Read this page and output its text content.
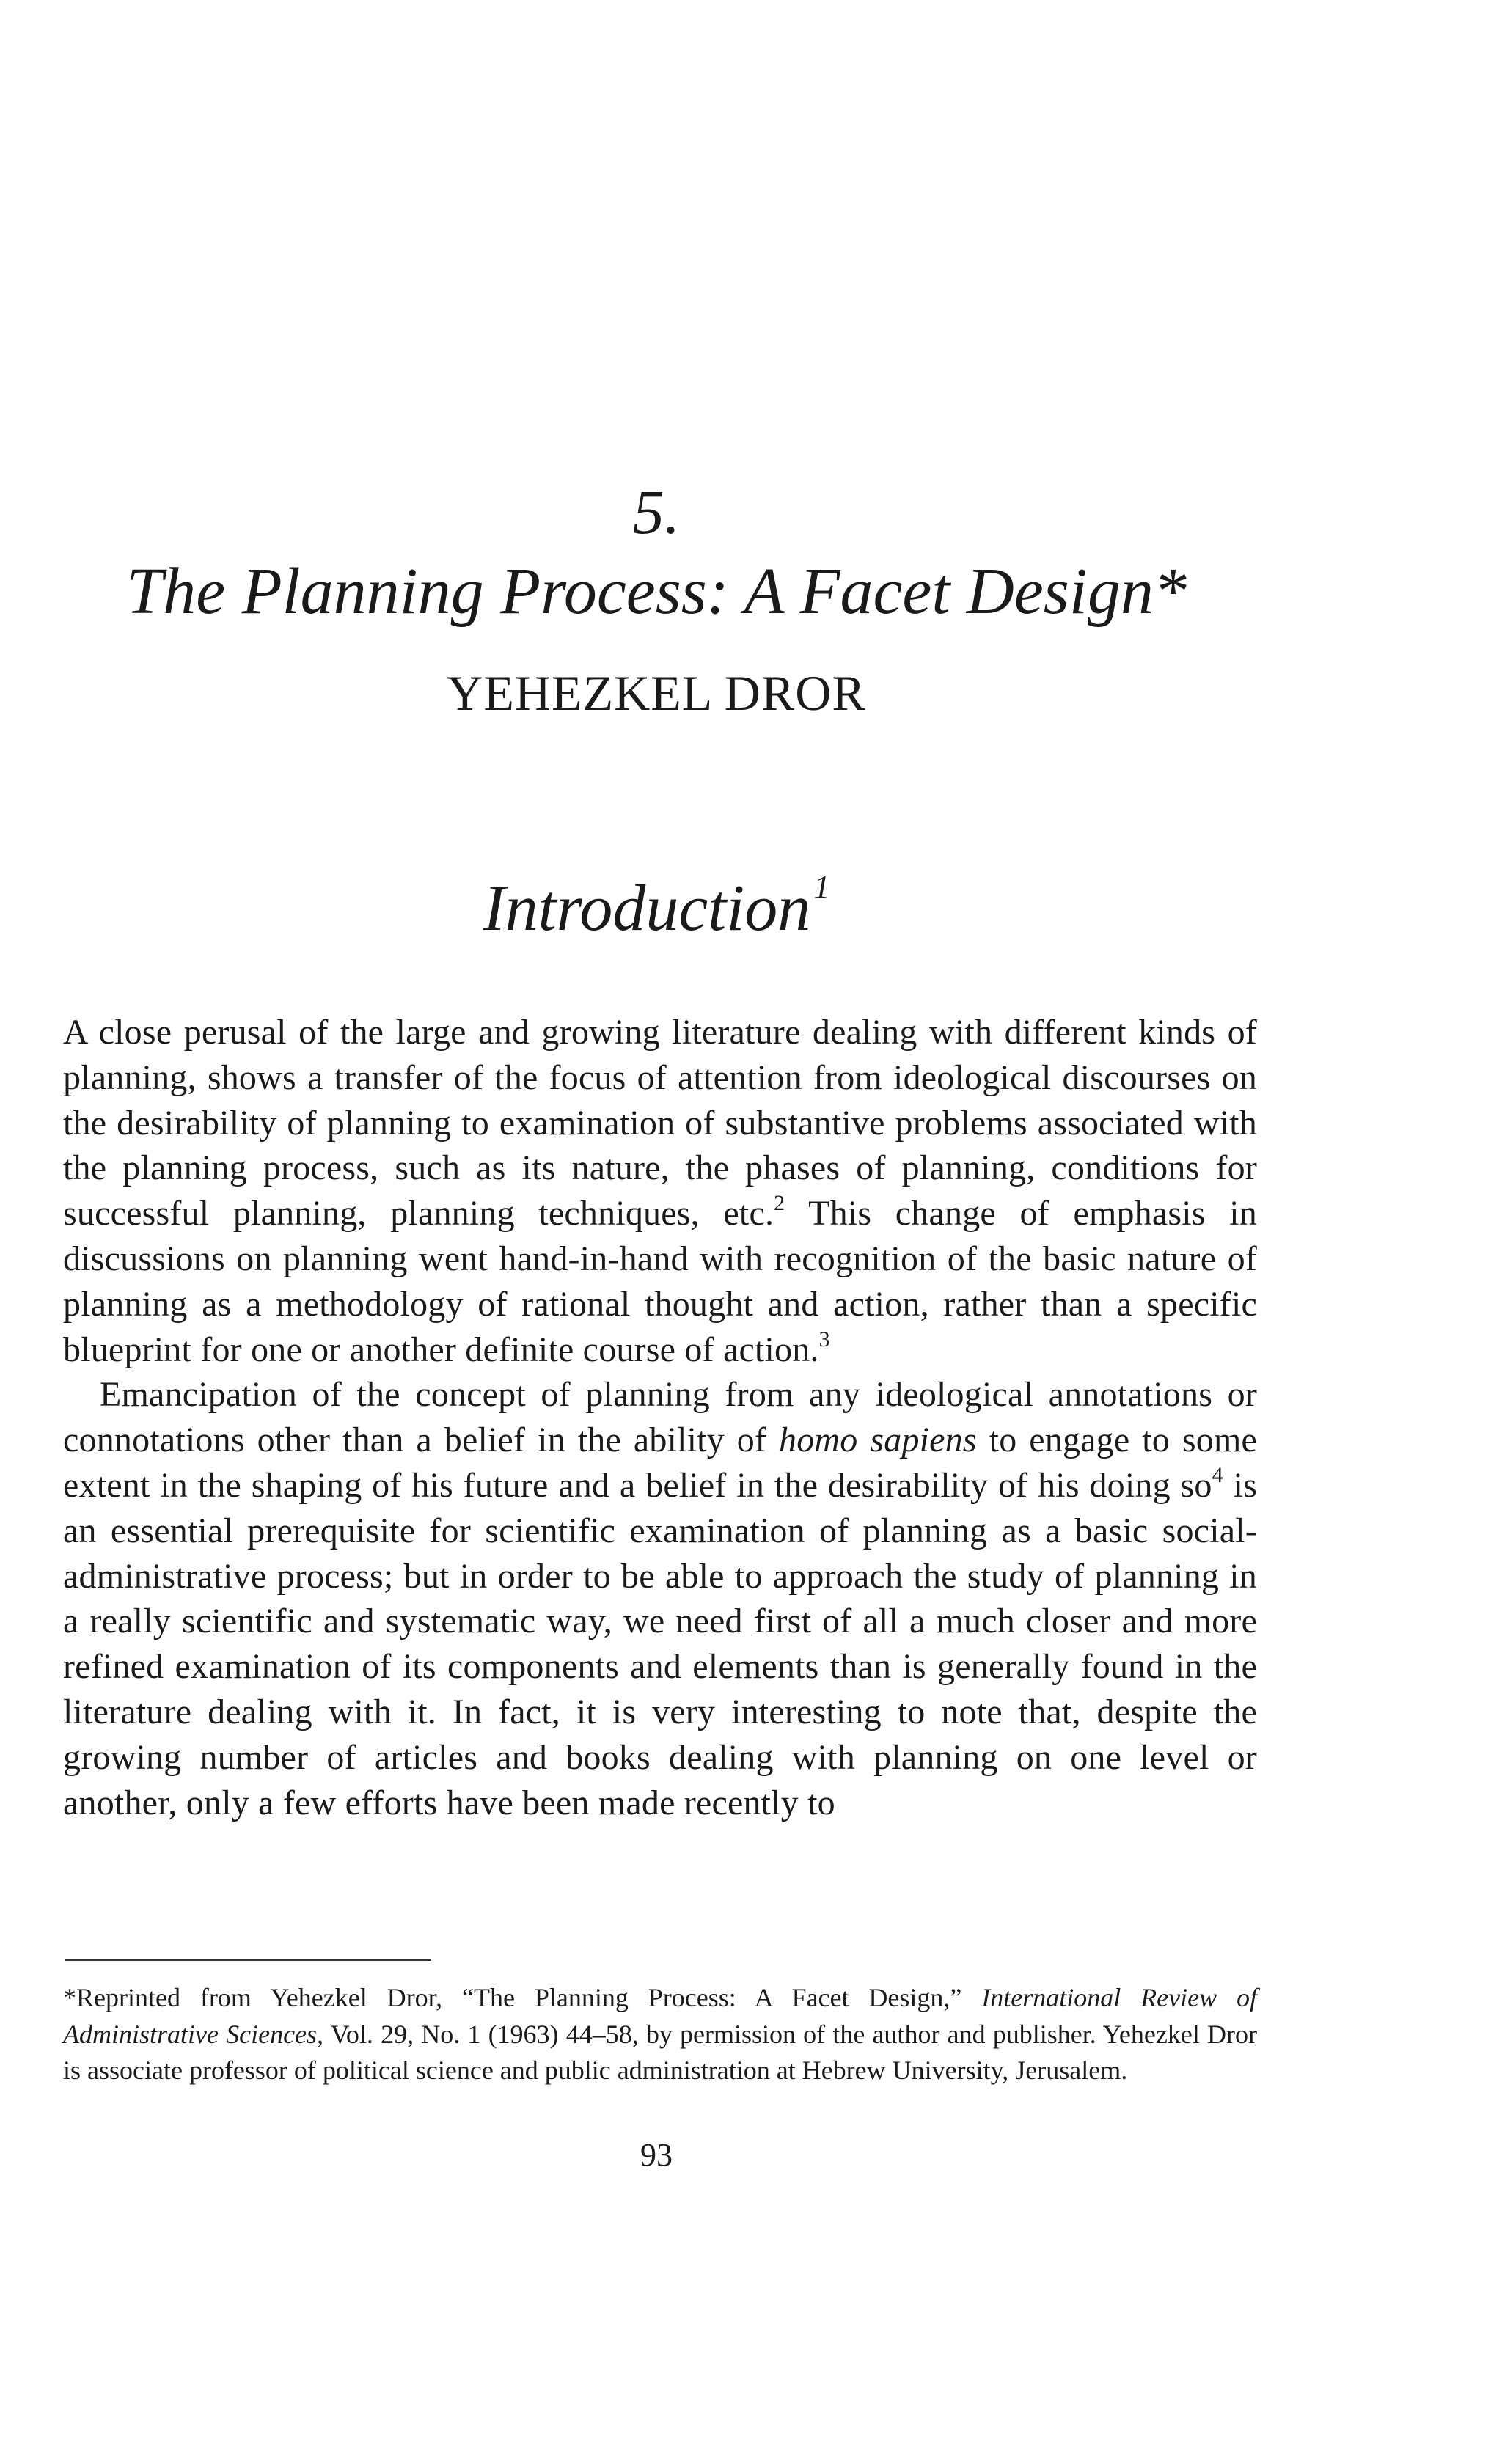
5.
The Planning Process: A Facet Design*
YEHEZKEL DROR
Introduction$^1$

A close perusal of the large and growing literature dealing with different kinds of planning, shows a transfer of the focus of attention from ideological discourses on the desirability of planning to examination of substantive problems associated with the planning process, such as its nature, the phases of planning, conditions for successful planning, planning techniques, etc.$^2$ This change of emphasis in discussions on planning went hand-in-hand with recognition of the basic nature of planning as a methodology of rational thought and action, rather than a specific blueprint for one or another definite course of action.$^3$

Emancipation of the concept of planning from any ideological annotations or connotations other than a belief in the ability of homo sapiens to engage to some extent in the shaping of his future and a belief in the desirability of his doing so$^4$ is an essential prerequisite for scientific examination of planning as a basic social-administrative process; but in order to be able to approach the study of planning in a really scientific and systematic way, we need first of all a much closer and more refined examination of its components and elements than is generally found in the literature dealing with it. In fact, it is very interesting to note that, despite the growing number of articles and books dealing with planning on one level or another, only a few efforts have been made recently to

*Reprinted from Yehezkel Dror, “The Planning Process: A Facet Design,” International Review of Administrative Sciences, Vol. 29, No. 1 (1963) 44–58, by permission of the author and publisher. Yehezkel Dror is associate professor of political science and public administration at Hebrew University, Jerusalem.

93
